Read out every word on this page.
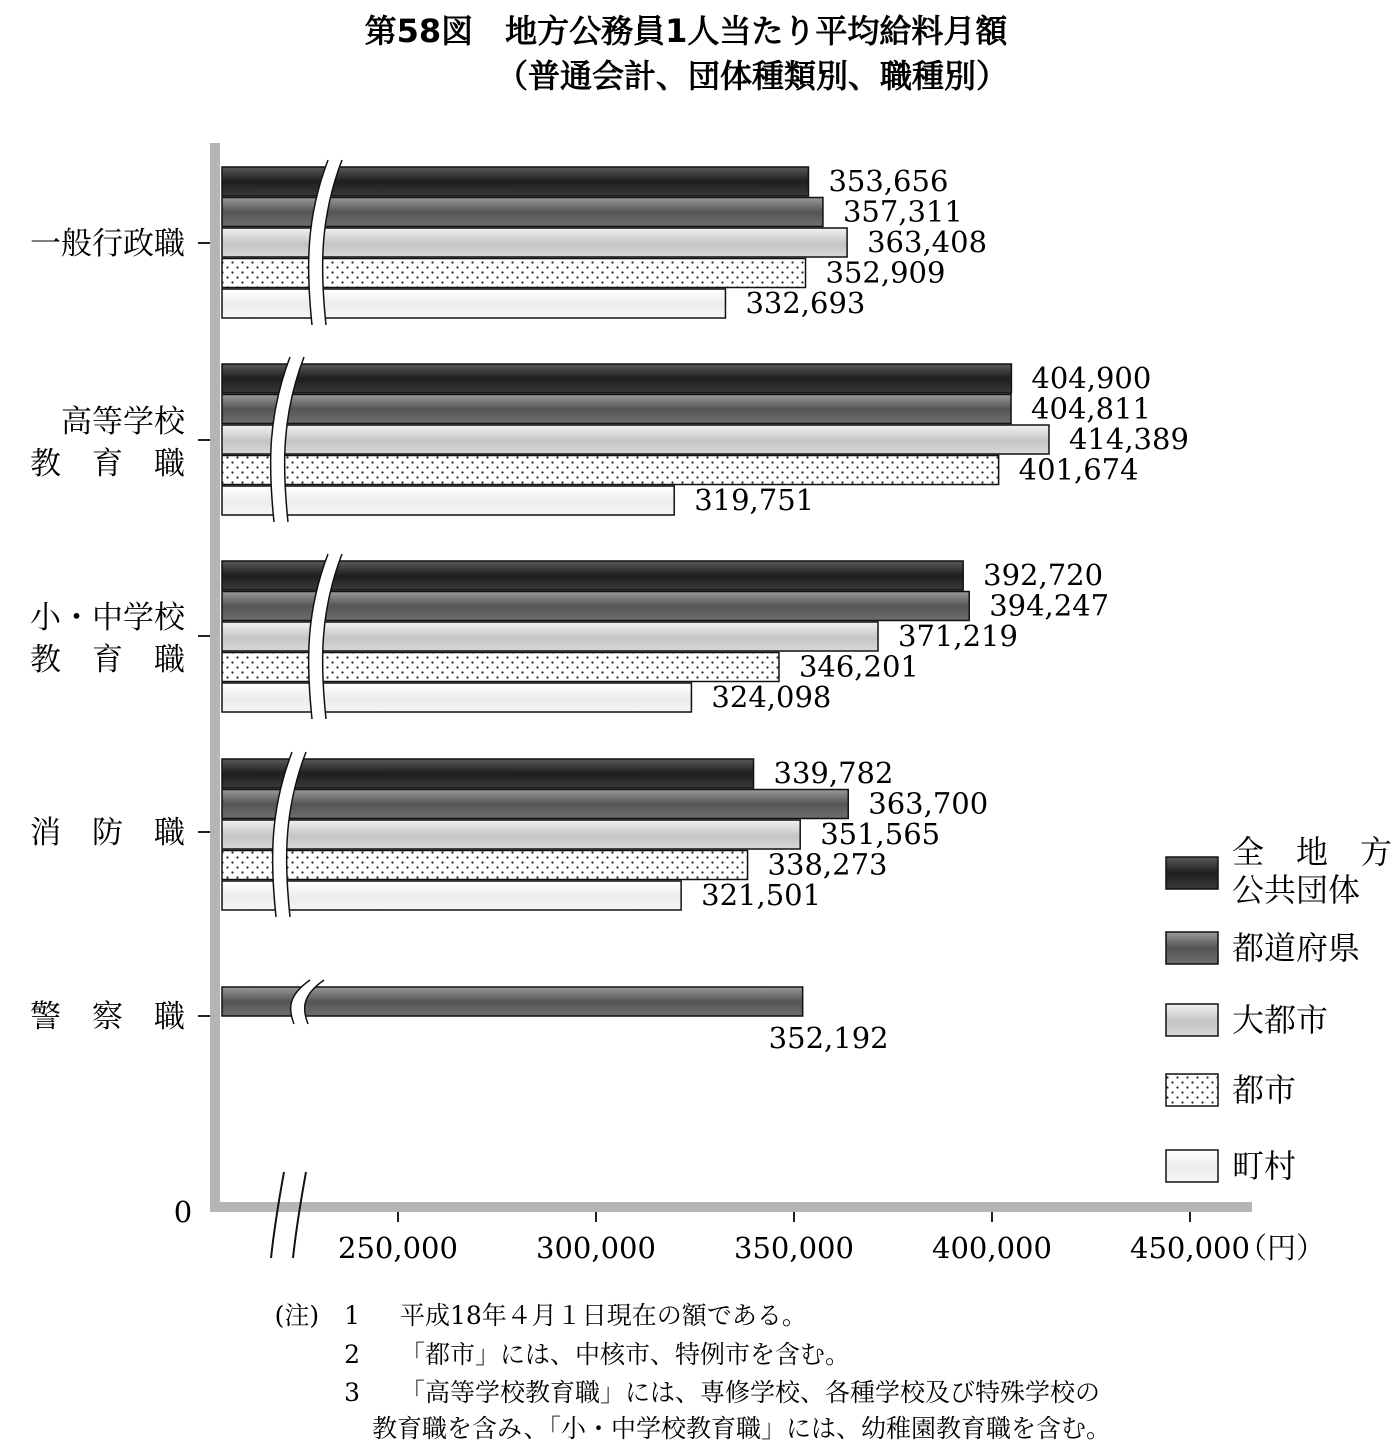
第58図　地方公務員1人当たり平均給料月額
（普通会計、団体種類別、職種別）
一般行政職
高等学校
教　育　職
小・中学校
教　育　職
消　防　職
警　察　職
353,656
404,900
392,720
339,782
357,311
404,811
394,247
363,700
352,192
363,408
414,389
371,219
351,565
352,909
401,674
346,201
338,273
332,693
319,751
324,098
321,501
0
250,000	300,000	350,000	400,000	450,000
（円）
全　地　方
公共団体
都道府県
大都市
都市
町村
(注)　1 平成18年４月１日現在の額である。
2 「都市」には、中核市、特例市を含む。
3 「高等学校教育職」には、専修学校、各種学校及び特殊学校の
教育職を含み、「小・中学校教育職」には、幼稚園教育職を含む。
